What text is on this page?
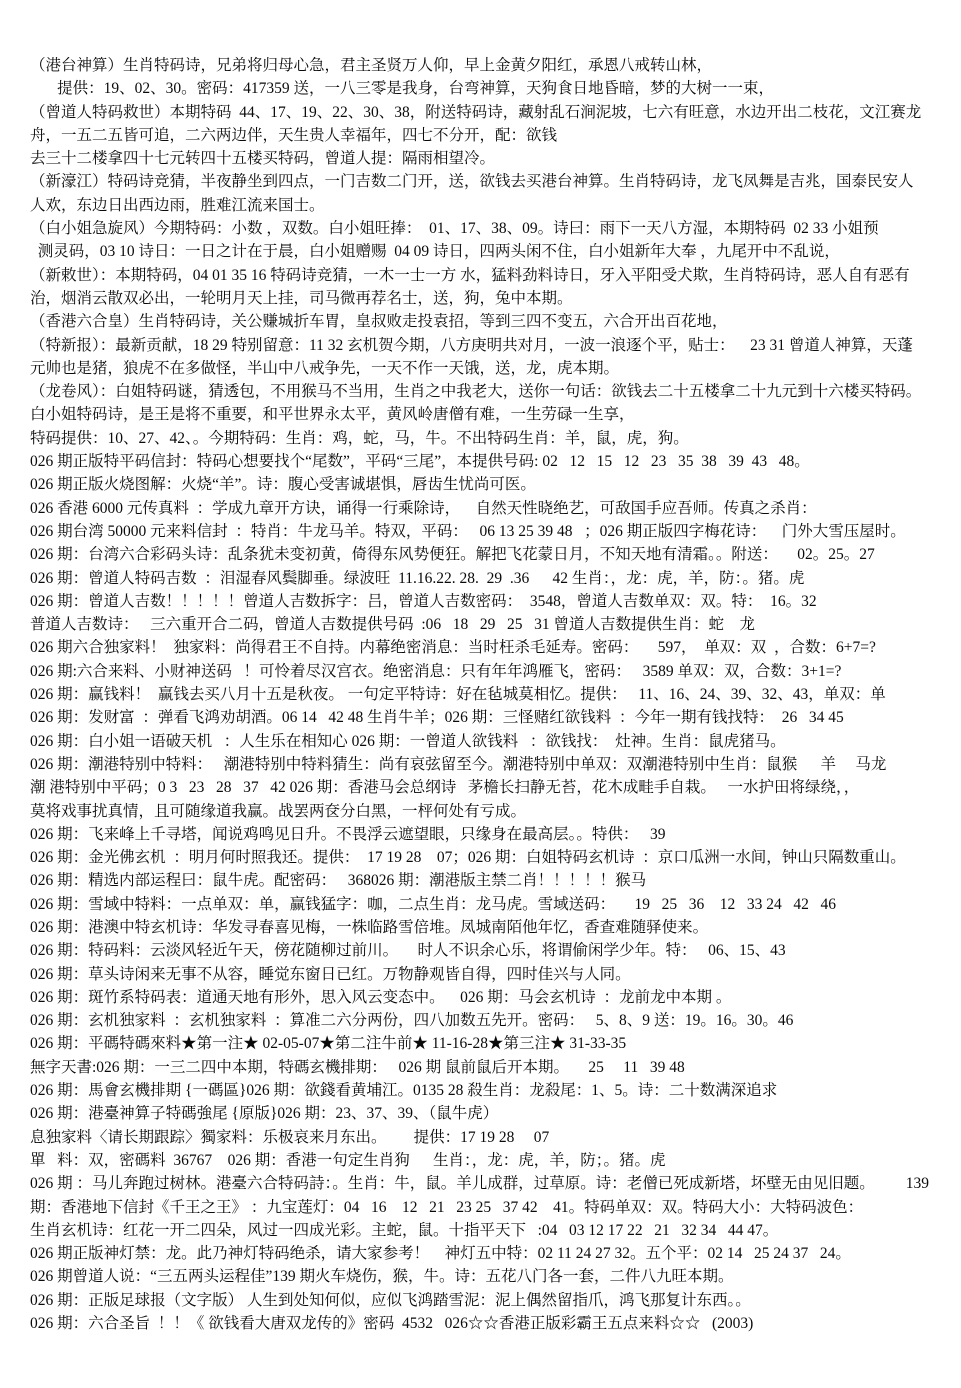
（港台神算）生肖特码诗，兄弟将归母心急，君主圣贤万人仰，早上金黄夕阳红，承恩八戒转山林，
提供：19、02、30。密码：417359 送，一八三零是我身，台弯神算，天狗食日地昏暗，梦的大树一一束，
（曾道人特码救世）本期特码  44、17、19、22、30、38，附送特码诗，藏射乱石涧泥坡，七六有旺意，水边开出二枝花，文江赛龙
舟，一五二五皆可追，二六两边伴，天生贵人幸福年，四七不分开，配：欲钱
去三十二楼拿四十七元转四十五楼买特码，曾道人提：隔雨相望冷。
（新濠江）特码诗竞猜，半夜静坐到四点，一门吉数二门开，送，欲钱去买港台神算。生肖特码诗，龙飞凤舞是吉兆，国泰民安人
人欢，东边日出西边雨，胜难江流来国士。
（白小姐急旋风）今期特码：小数 ，双数。白小姐旺捧：  01、17、38、09。诗曰：雨下一天八方湿，本期特码  02 33 小姐预
测灵码，03 10 诗日：一日之计在于晨，白小姐赠赐  04 09 诗日，四两头闲不住，白小姐新年大奉 ，九尾开中不乱说，
（新敕世）：本期特码，04 01 35 16 特码诗竞猜，一木一士一方 水，猛料劲料诗日，牙入平阳受犬欺，生肖特码诗，恶人自有恶有
治，烟消云散双必出，一轮明月天上挂，司马微再荐名士，送，狗，兔中本期。
（香港六合皇）生肖特码诗，关公赚城折车胃，皇叔败走投袁招，等到三四不变五，六合开出百花地，
（特新报）：最新贡献，18 29 特别留意：11 32 玄机贺今期，八方庚明共对月，一波一浪逐个平，贴士：    23 31 曾道人神算，天蓬
元帅也是猪，狼虎不在多做怪，半山中八戒争先，一天不作一天饿，送，龙，虎本期。
（龙卷风）：白姐特码谜，猜透包，不用猴马不当用，生肖之中我老大，送你一句话：欲钱去二十五楼拿二十九元到十六楼买特码。
白小姐特码诗，是王是将不重要，和平世界永太平，黄风岭唐僧有难，一生劳碌一生享，
特码提供：10、27、42、。今期特码：生肖：鸡，蛇，马，牛。不出特码生肖：羊，鼠，虎，狗。
026 期正版特平码信封：特码心想要找个“尾数”，平码“三尾”，本提供号码: 02   12   15   12   23   35  38   39  43   48。
026 期正版火烧图解：火烧“羊”。诗：腹心受害诚堪惧，唇齿生忧尚可医。
026 香港 6000 元传真料  ：学成九章开方诀，诵得一行乘除诗，    自然天性晓绝艺，可敌国手应吾师。传真之杀肖：
026 期台湾 50000 元来料信封  ：特肖：牛龙马羊。特双，平码：   06 13 25 39 48   ；026 期正版四字梅花诗：    门外大雪压屋时。
026 期：台湾六合彩码头诗：乱条犹未变初黄，倚得东风势便狂。解把飞花蒙日月，不知天地有清霜。。附送：     02。25。27
026 期：曾道人特码吉数  ：泪湿春风鬓脚垂。绿波旺  11.16.22. 28.  29  .36      42 生肖：，龙：虎，羊，防：。猪。虎
026 期：曾道人吉数！！！！！曾道人吉数拆字：吕，曾道人吉数密码：  3548，曾道人吉数单双：双。特：  16。32
普道人吉数诗：   三六重开合二码，曾道人吉数提供号码  :06   18   29   25   31 曾道人吉数提供生肖：蛇    龙
026 期六合独家料！  独家料：尚得君王不自持。内幕绝密消息：当时枉杀毛延寿。密码：     597，  单双：双  ，合数：6+7=?
026 期:六合来料、小财神送码   ！可怜着尽汉宫衣。绝密消息：只有年年鸿雁飞，密码：   3589 单双：双，合数：3+1=?
026 期：赢钱料！  赢钱去买八月十五是秋夜。 一句定平特诗：好在毡城莫相忆。提供：   11、16、24、39、32、43，单双：单
026 期：发财富  ：弹看飞鸿劝胡酒。06 14   42 48 生肖牛羊；026 期：三怪赌红欲钱料  ：今年一期有钱找特：  26   34 45
026 期：白小姐一语破天机   ：人生乐在相知心 026 期：一曾道人欲钱料   ：欲钱找：  灶神。生肖：鼠虎猪马。
026 期：潮港特别中特料：   潮港特别中特料猜生：尚有哀弦留至今。潮港特别中单双：双潮港特别中生肖：鼠猴      羊     马龙
潮 港特别中平码；0 3   23   28   37   42 026 期：香港马会总纲诗   茅檐长扫静无苔，花木成畦手自栽。   一水护田将绿绕，，
莫将戏事扰真情，且可随缘道我赢。战罢两奁分白黑，一枰何处有亏成。
026 期：飞来峰上千寻塔，闻说鸡鸣见日升。不畏浮云遮望眼，只缘身在最高层。。特供：   39
026 期：金光佛玄机  ：明月何时照我还。提供：  17 19 28    07；026 期：白姐特码玄机诗  ：京口瓜洲一水间，钟山只隔数重山。
026 期：精选内部运程曰：鼠牛虎。配密码：   368026 期：潮港版主禁二肖！！！！！猴马
026 期：雪域中特料：一点单双：单，赢钱猛字：咖，二点生肖：龙马虎。雪域送码：     19   25   36    12   33 24   42   46
026 期：港澳中特玄机诗：华发寻春喜见梅，一株临路雪倍堆。凤城南陌他年忆，香查难随驿使来。
026 期：特码料：云淡风轻近午天，傍花随柳过前川。     时人不识余心乐，将谓偷闲学少年。特：   06、15、43
026 期：草头诗闲来无事不从容，睡觉东窗日已红。万物静观皆自得，四时佳兴与人同。
026 期：斑竹系特码表：道通天地有形外，思入风云变态中。    026 期：马会玄机诗  ：龙前龙中本期 。
026 期：玄机独家料  ：玄机独家料  ：算准二六分两份，四八加数五先开。密码：   5、8、9 送：19。16。30。46
026 期：平碼特碼來料★第一注★ 02-05-07★第二注牛前★ 11-16-28★第三注★ 31-33-35
無字天書:026 期：一三二四中本期，特碼玄機排期：   026 期 鼠前鼠后开本期。     25     11   39 48
026 期：馬會玄機排期 {一碼區}026 期：欲錢看黄埔江。0135 28 殺生肖：龙殺尾：1、5。诗：二十数满深追求
026 期：港臺神算子特碼強尾 {原版}026 期：23、37、39、（鼠牛虎）
息独家料〈请长期跟踪〉獨家料：乐极哀来月东出。       提供：17 19 28     07
單   料：双，密碼料  36767    026 期：香港一句定生肖狗      生肖：，龙：虎，羊，防；。猪。虎
026 期 ：马儿奔跑过树林。港臺六合特码詩：。生肖：牛，鼠。羊儿成群，过草原。诗：老僧已死成新塔，坏壁无由见旧题。        139
期：香港地下信封《千王之王》 ：九宝莲灯：04   16    12   21   23 25   37 42    41。特码单双：双。特码大小：大特码波色：
生肖玄机诗：红花一开二四朵，风过一四成光彩。主蛇，鼠。十指平天下   :04   03 12 17 22   21   32 34   44 47。
026 期正版神灯禁：龙。此乃神灯特码绝杀，请大家参考！    神灯五中特：02 11 24 27 32。五个平：02 14   25 24 37   24。
026 期曾道人说：“三五两头运程佳”139 期火车烧伤，猴，牛。诗：五花八门各一套，二件八九旺本期。
026 期：正版足球报（文字版） 人生到处知何似，应似飞鸿踏雪泥：泥上偶然留指爪，鸿飞那复计东西。。
026 期：六合圣旨  ！！《 欲钱看大唐双龙传的》密码  4532   026☆☆香港正版彩霸王五点来料☆☆   (2003)
